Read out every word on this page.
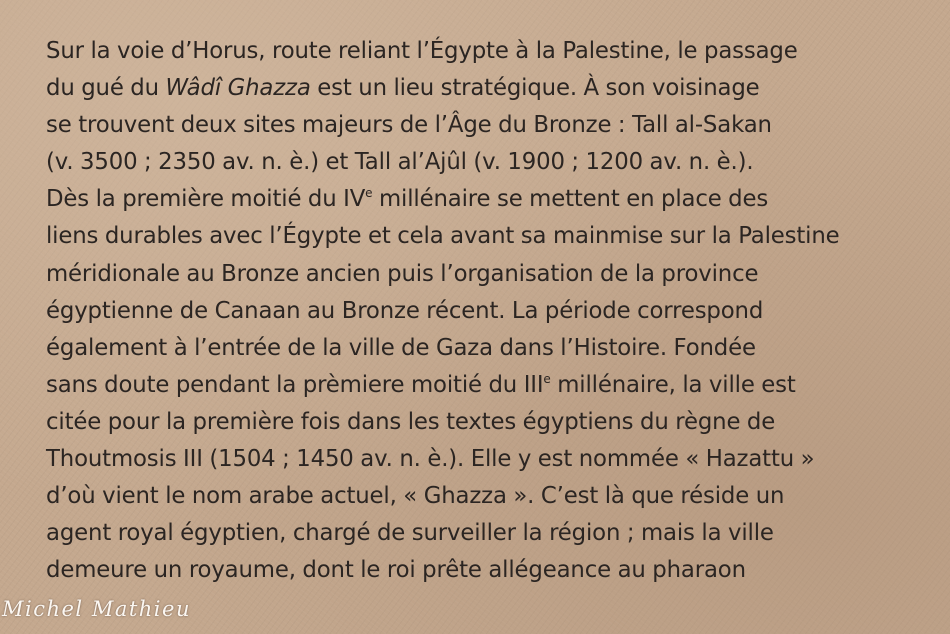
Sur la voie d’Horus, route reliant l’Égypte à la Palestine, le passage
du gué du Wâdî Ghazza est un lieu stratégique. À son voisinage
se trouvent deux sites majeurs de l’Âge du Bronze : Tall al-Sakan
(v. 3500 ; 2350 av. n. è.) et Tall al’Ajûl (v. 1900 ; 1200 av. n. è.).
Dès la première moitié du IVe millénaire se mettent en place des
liens durables avec l’Égypte et cela avant sa mainmise sur la Palestine
méridionale au Bronze ancien puis l’organisation de la province
égyptienne de Canaan au Bronze récent. La période correspond
également à l’entrée de la ville de Gaza dans l’Histoire. Fondée
sans doute pendant la prèmiere moitié du IIIe millénaire, la ville est
citée pour la première fois dans les textes égyptiens du règne de
Thoutmosis III (1504 ; 1450 av. n. è.). Elle y est nommée « Hazattu »
d’où vient le nom arabe actuel, « Ghazza ». C’est là que réside un
agent royal égyptien, chargé de surveiller la région ; mais la ville
demeure un royaume, dont le roi prête allégeance au pharaon
Michel Mathieu
